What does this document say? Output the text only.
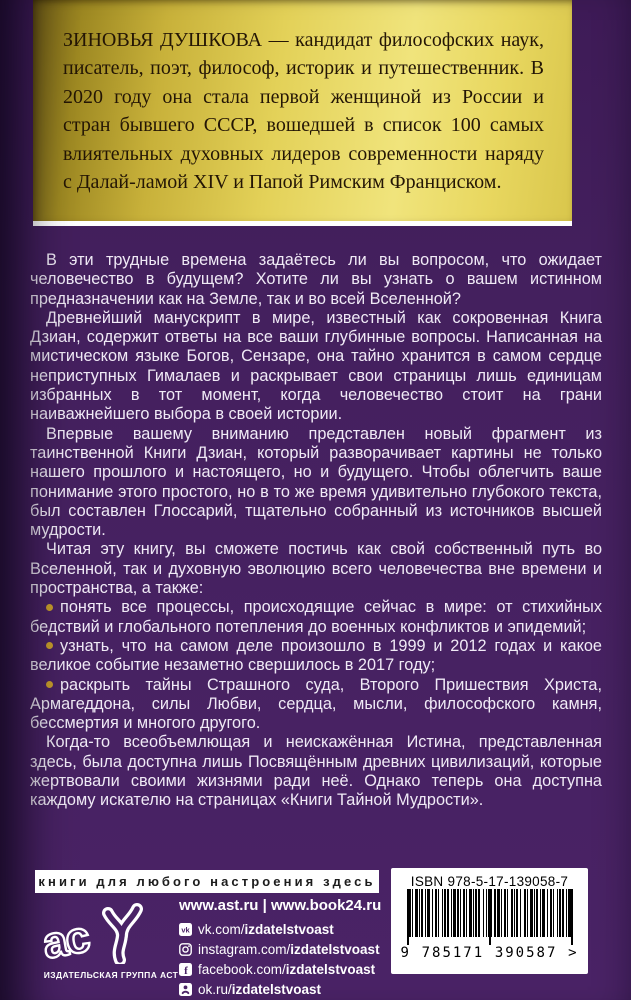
ЗИНОВЬЯ ДУШКОВА — кандидат философских наук, писатель, поэт, философ, историк и путешественник. В 2020 году она стала первой женщиной из России и стран бывшего СССР, вошедшей в список 100 самых влиятельных духовных лидеров современности наряду с Далай-ламой XIV и Папой Римским Франциском.

В эти трудные времена задаётесь ли вы вопросом, что ожидает человечество в будущем? Хотите ли вы узнать о вашем истинном предназначении как на Земле, так и во всей Вселенной?

Древнейший манускрипт в мире, известный как сокровенная Книга Дзиан, содержит ответы на все ваши глубинные вопросы. Написанная на мистическом языке Богов, Сензаре, она тайно хранится в самом сердце неприступных Гималаев и раскрывает свои страницы лишь единицам избранных в тот момент, когда человечество стоит на грани наиважнейшего выбора в своей истории.

Впервые вашему вниманию представлен новый фрагмент из таинственной Книги Дзиан, который разворачивает картины не только нашего прошлого и настоящего, но и будущего. Чтобы облегчить ваше понимание этого простого, но в то же время удивительно глубокого текста, был составлен Глоссарий, тщательно собранный из источников высшей мудрости.

Читая эту книгу, вы сможете постичь как свой собственный путь во Вселенной, так и духовную эволюцию всего человечества вне времени и пространства, а также:

понять все процессы, происходящие сейчас в мире: от стихийных бедствий и глобального потепления до военных конфликтов и эпидемий;

узнать, что на самом деле произошло в 1999 и 2012 годах и какое великое событие незаметно свершилось в 2017 году;

раскрыть тайны Страшного суда, Второго Пришествия Христа, Армагеддона, силы Любви, сердца, мысли, философского камня, бессмертия и многого другого.

Когда-то всеобъемлющая и неискажённая Истина, представленная здесь, была доступна лишь Посвящённым древних цивилизаций, которые жертвовали своими жизнями ради неё. Однако теперь она доступна каждому искателю на страницах «Книги Тайной Мудрости».

книги для любого настроения здесь
ас
ИЗДАТЕЛЬСКАЯ ГРУППА АСТ
www.ast.ru | www.book24.ru
vk vk.com/izdatelstvoast
instagram.com/izdatelstvoast
f facebook.com/izdatelstvoast
ok.ru/izdatelstvoast
ISBN 978-5-17-139058-7
9 785171 390587 >
